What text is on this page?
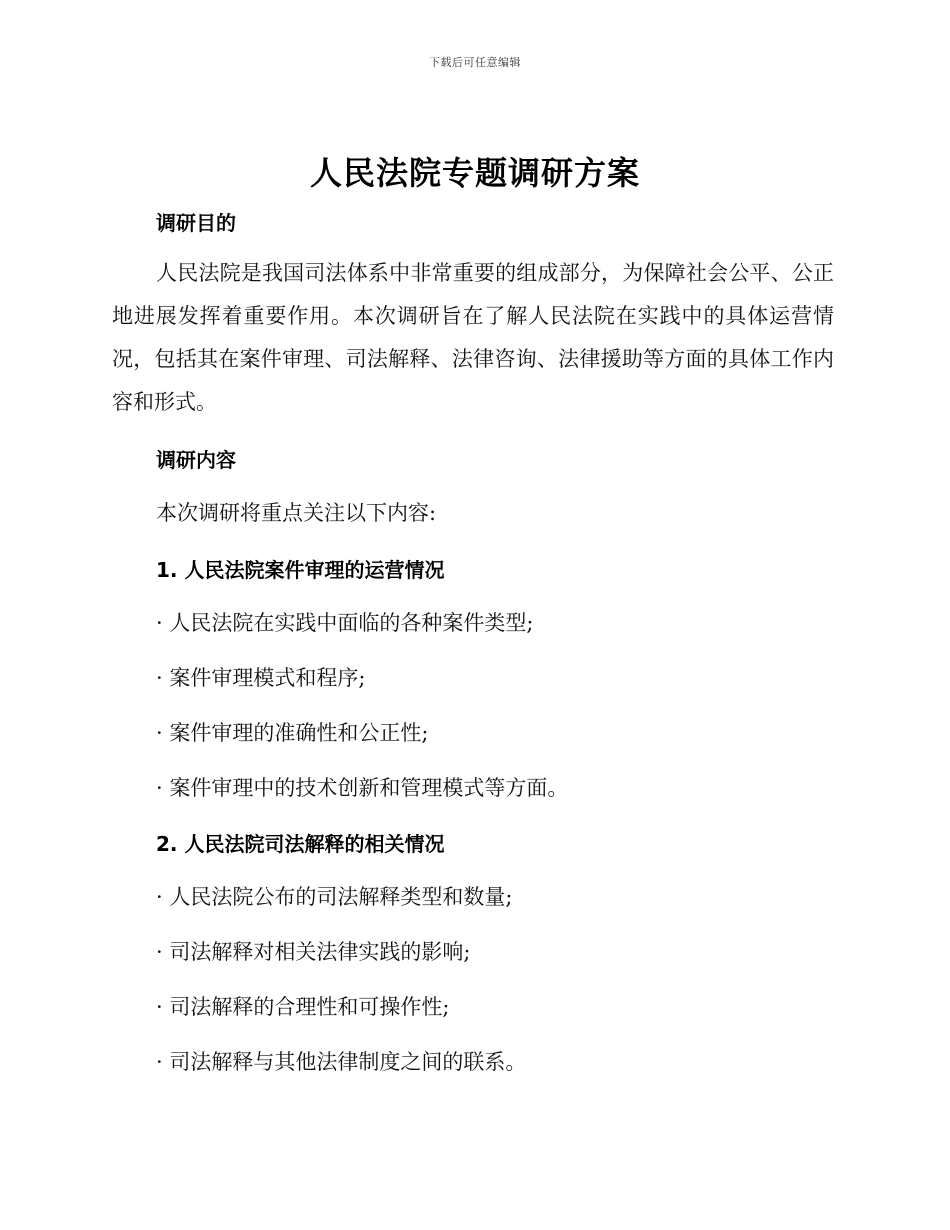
下载后可任意编辑
人民法院专题调研方案
调研目的

人民法院是我国司法体系中非常重要的组成部分，为保障社会公平、公正地进展发挥着重要作用。本次调研旨在了解人民法院在实践中的具体运营情况，包括其在案件审理、司法解释、法律咨询、法律援助等方面的具体工作内容和形式。

调研内容

本次调研将重点关注以下内容:

1. 人民法院案件审理的运营情况

· 人民法院在实践中面临的各种案件类型;

· 案件审理模式和程序;

· 案件审理的准确性和公正性;

· 案件审理中的技术创新和管理模式等方面。

2. 人民法院司法解释的相关情况

· 人民法院公布的司法解释类型和数量;

· 司法解释对相关法律实践的影响;

· 司法解释的合理性和可操作性;

· 司法解释与其他法律制度之间的联系。
